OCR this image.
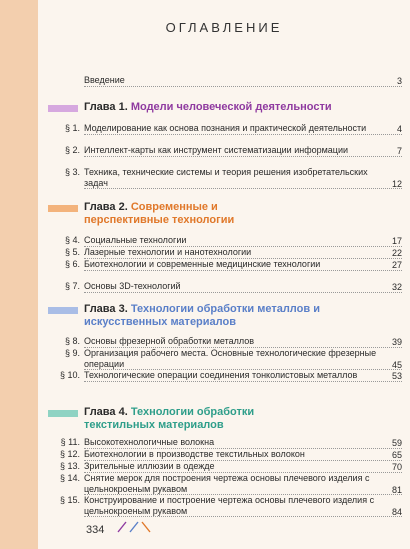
ОГЛАВЛЕНИЕ
Введение	3
Глава 1. Модели человеческой деятельности
§ 1. Моделирование как основа познания и практической деятельности	4
§ 2. Интеллект-карты как инструмент систематизации информации	7
§ 3. Техника, технические системы и теория решения изобретательских задач	12
Глава 2. Современные и перспективные технологии
§ 4. Социальные технологии	17
§ 5. Лазерные технологии и нанотехнологии	22
§ 6. Биотехнологии и современные медицинские технологии	27
§ 7. Основы 3D-технологий	32
Глава 3. Технологии обработки металлов и искусственных материалов
§ 8. Основы фрезерной обработки металлов	39
§ 9. Организация рабочего места. Основные технологические фрезерные операции	45
§ 10. Технологические операции соединения тонколистовых металлов	53
Глава 4. Технологии обработки текстильных материалов
§ 11. Высокотехнологичные волокна	59
§ 12. Биотехнологии в производстве текстильных волокон	65
§ 13. Зрительные иллюзии в одежде	70
§ 14. Снятие мерок для построения чертежа основы плечевого изделия с цельнокроеным рукавом	81
§ 15. Конструирование и построение чертежа основы плечевого изделия с цельнокроеным рукавом	84
334
